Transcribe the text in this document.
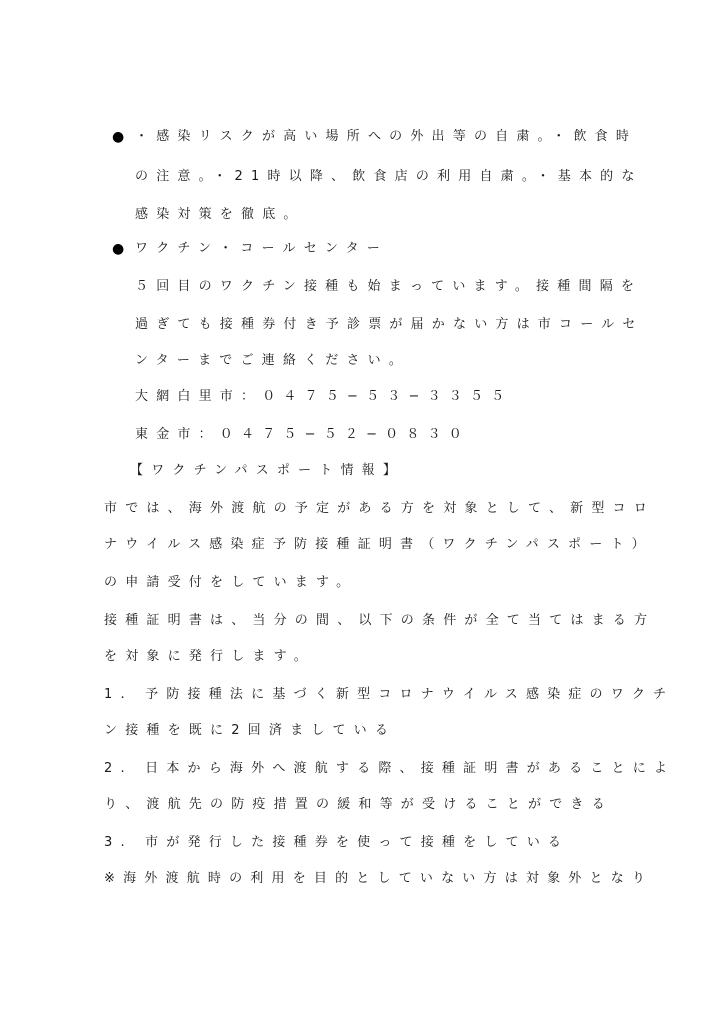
● ・感染リスクが高い場所への外出等の自粛。・飲食時
の注意。・21時以降、飲食店の利用自粛。・基本的な
感染対策を徹底。
● ワクチン・コールセンター
５回目のワクチン接種も始まっています。接種間隔を
過ぎても接種券付き予診票が届かない方は市コールセ
ンターまでご連絡ください。
大網白里市：０４７５−５３−３３５５
東金市：０４７５−５２−０８３０
【ワクチンパスポート情報】
市では、海外渡航の予定がある方を対象として、新型コロ
ナウイルス感染症予防接種証明書（ワクチンパスポート）
の申請受付をしています。
接種証明書は、当分の間、以下の条件が全て当てはまる方
を対象に発行します。
1. 予防接種法に基づく新型コロナウイルス感染症のワクチ
ン接種を既に2回済ましている
2. 日本から海外へ渡航する際、接種証明書があることによ
り、渡航先の防疫措置の緩和等が受けることができる
3. 市が発行した接種券を使って接種をしている
※海外渡航時の利用を目的としていない方は対象外となり
